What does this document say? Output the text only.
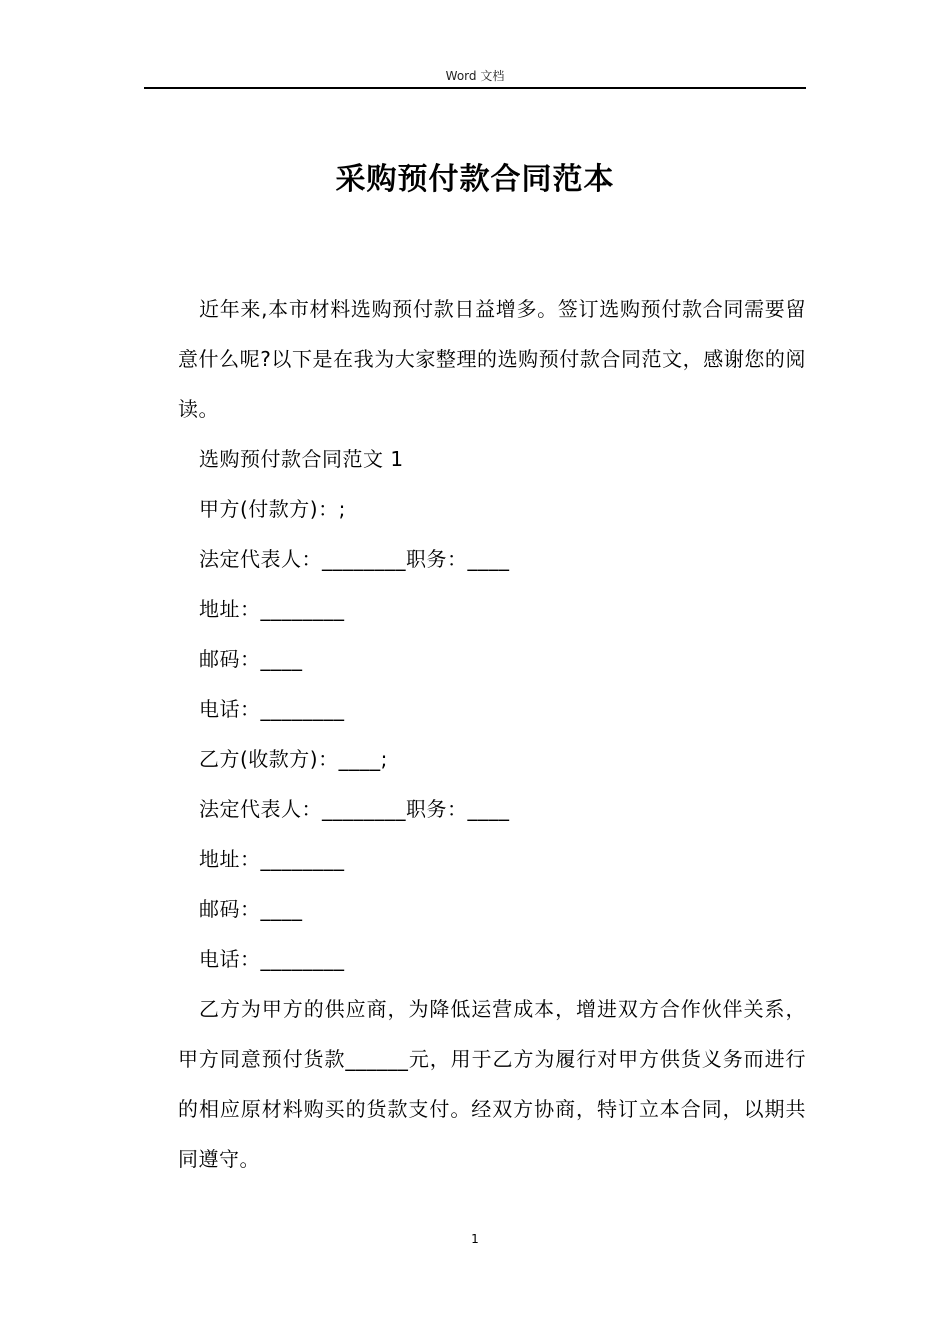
Word 文档
采购预付款合同范本

近年来,本市材料选购预付款日益增多。签订选购预付款合同需要留意什么呢?以下是在我为大家整理的选购预付款合同范文，感谢您的阅读。

选购预付款合同范文 1

甲方(付款方)：;

法定代表人：________职务：____

地址：________

邮码：____

电话：________

乙方(收款方)：____;

法定代表人：________职务：____

地址：________

邮码：____

电话：________

乙方为甲方的供应商，为降低运营成本，增进双方合作伙伴关系，甲方同意预付货款______元，用于乙方为履行对甲方供货义务而进行的相应原材料购买的货款支付。经双方协商，特订立本合同，以期共同遵守。

1
